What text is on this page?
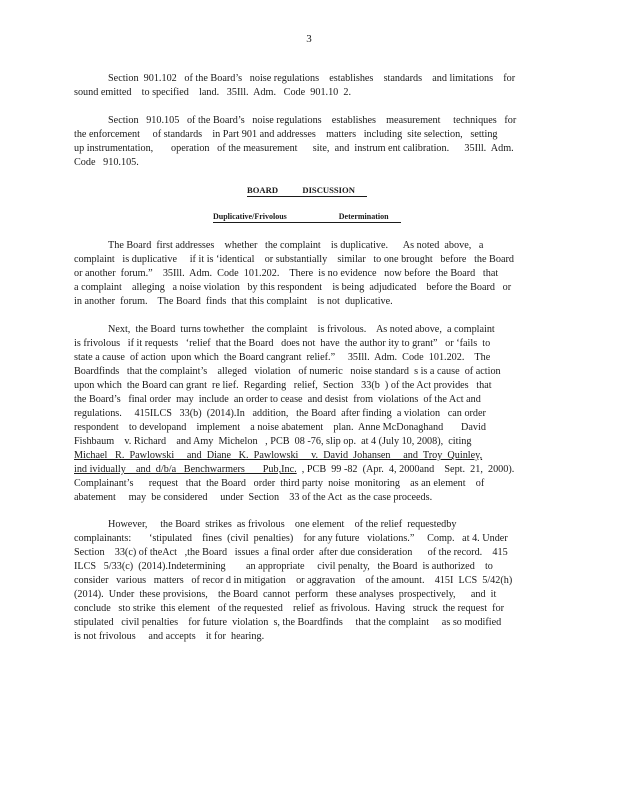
3

Section  901.102   of the Board’s   noise regulations    establishes    standards    and limitations    for
sound emitted    to specified    land.   35Ill.  Adm.   Code  901.10  2.

Section   910.105   of the Board’s   noise regulations    establishes    measurement     techniques   for
the enforcement     of standards    in Part 901 and addresses    matters   including  site selection,   setting
up instrumentation,       operation   of the measurement      site,  and  instrum ent calibration.      35Ill.  Adm.
Code   910.105.

BOARD	DISCUSSION
Duplicative/Frivolous	Determination

The Board  first addresses    whether   the complaint    is duplicative.      As noted  above,   a
complaint   is duplicative     if it is ‘identical    or substantially    similar   to one brought   before   the Board
or another  forum.”    35Ill.  Adm.  Code  101.202.    There  is no evidence   now before  the Board   that
a complaint    alleging   a noise violation   by this respondent    is being  adjudicated    before the Board   or
in another  forum.    The Board  finds  that this complaint    is not  duplicative.

Next,  the Board  turns towhether   the complaint    is frivolous.    As noted above,  a complaint
is frivolous   if it requests   ‘relief  that the Board   does not  have  the author ity to grant”   or ‘fails  to
state a cause  of action  upon which  the Board cangrant  relief.”     35Ill.  Adm.  Code  101.202.    The
Boardfinds   that the complaint’s    alleged   violation   of numeric   noise standard  s is a cause  of action
upon which  the Board can grant  re lief.  Regarding   relief,  Section   33(b  ) of the Act provides   that
the Board’s   final order  may  include  an order to cease  and desist  from  violations  of the Act and
regulations.     415ILCS   33(b)  (2014).In   addition,   the Board  after finding  a violation   can order
respondent    to developand    implement    a noise abatement    plan.  Anne McDonaghand       David
Fishbaum    v. Richard    and Amy  Michelon   , PCB  08 -76, slip op.  at 4 (July 10, 2008),  citing
Michael   R.  Pawlowski     and  Diane   K.  Pawlowski     v.  David  Johansen     and  Troy  Quinley,
ind ividually    and  d/b/a   Benchwarmers       Pub,Inc.  , PCB  99 -82  (Apr.  4, 2000and    Sept.  21,  2000).
Complainant’s      request   that  the Board   order  third party  noise  monitoring    as an element    of
abatement     may  be considered     under  Section    33 of the Act  as the case proceeds.

However,     the Board  strikes  as frivolous    one element    of the relief  requestedby
complainants:       ‘stipulated    fines  (civil  penalties)    for any future   violations.”     Comp.   at 4. Under
Section    33(c) of theAct   ,the Board   issues  a final order  after due consideration      of the record.    415
ILCS   5/33(c)  (2014).Indetermining        an appropriate     civil penalty,   the Board  is authorized    to
consider   various   matters   of recor d in mitigation    or aggravation    of the amount.    415I  LCS  5/42(h)
(2014).  Under  these provisions,    the Board  cannot  perform   these analyses  prospectively,      and  it
conclude   sto strike  this element   of the requested    relief  as frivolous.  Having   struck  the request  for
stipulated   civil penalties    for future  violation  s, the Boardfinds     that the complaint     as so modified
is not frivolous     and accepts    it for  hearing.
